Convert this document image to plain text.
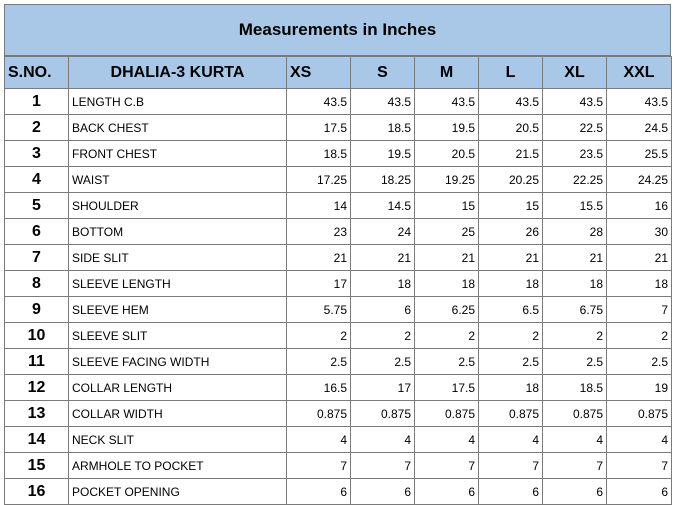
Measurements in Inches
S.NO.	DHALIA-3 KURTA	XS	S	M	L	XL	XXL
1	LENGTH C.B	43.5	43.5	43.5	43.5	43.5	43.5
2	BACK CHEST	17.5	18.5	19.5	20.5	22.5	24.5
3	FRONT CHEST	18.5	19.5	20.5	21.5	23.5	25.5
4	WAIST	17.25	18.25	19.25	20.25	22.25	24.25
5	SHOULDER	14	14.5	15	15	15.5	16
6	BOTTOM	23	24	25	26	28	30
7	SIDE SLIT	21	21	21	21	21	21
8	SLEEVE LENGTH	17	18	18	18	18	18
9	SLEEVE HEM	5.75	6	6.25	6.5	6.75	7
10	SLEEVE SLIT	2	2	2	2	2	2
11	SLEEVE FACING WIDTH	2.5	2.5	2.5	2.5	2.5	2.5
12	COLLAR LENGTH	16.5	17	17.5	18	18.5	19
13	COLLAR WIDTH	0.875	0.875	0.875	0.875	0.875	0.875
14	NECK SLIT	4	4	4	4	4	4
15	ARMHOLE TO POCKET	7	7	7	7	7	7
16	POCKET OPENING	6	6	6	6	6	6
